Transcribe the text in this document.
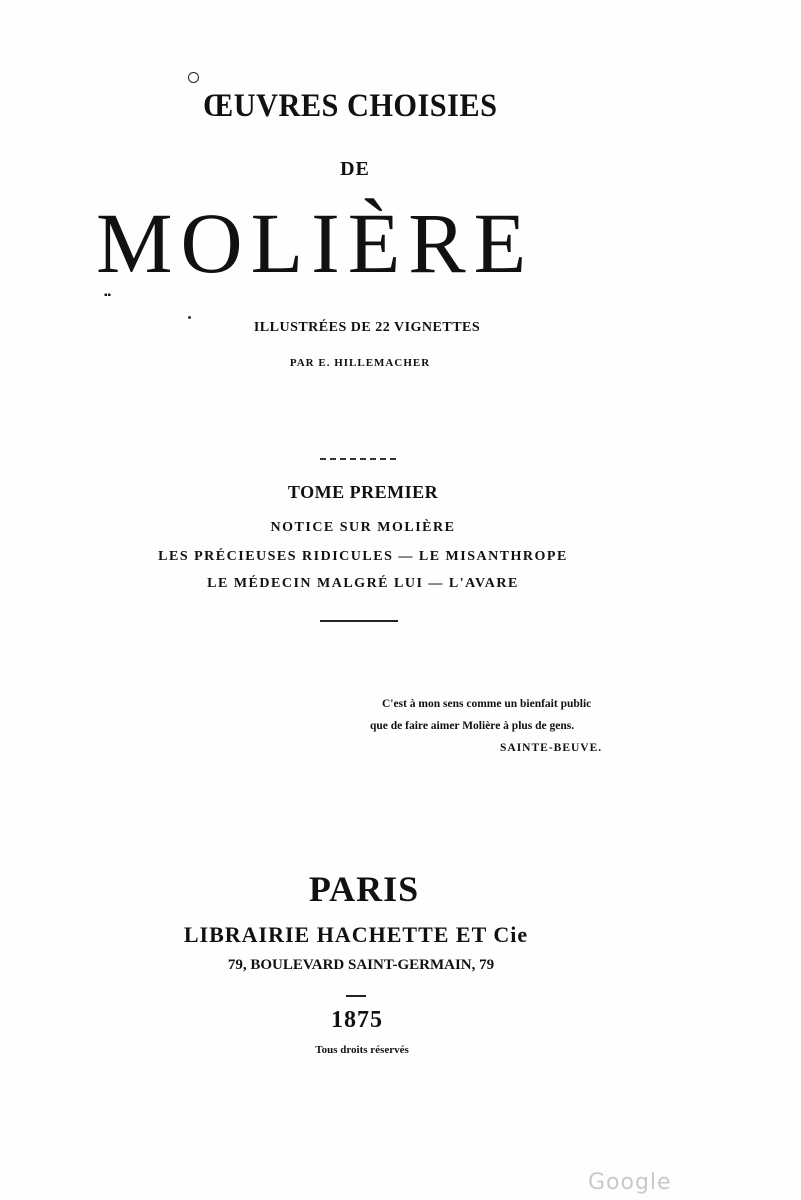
ŒUVRES CHOISIES
DE
MOLIÈRE
▪▪
ILLUSTRÉES DE 22 VIGNETTES
PAR E. HILLEMACHER
TOME PREMIER
NOTICE SUR MOLIÈRE
LES PRÉCIEUSES RIDICULES — LE MISANTHROPE
LE MÉDECIN MALGRÉ LUI — L'AVARE
C'est à mon sens comme un bienfait public
que de faire aimer Molière à plus de gens.
SAINTE-BEUVE.
PARIS
LIBRAIRIE HACHETTE ET Cie
79, BOULEVARD SAINT-GERMAIN, 79
1875
Tous droits réservés
Google
